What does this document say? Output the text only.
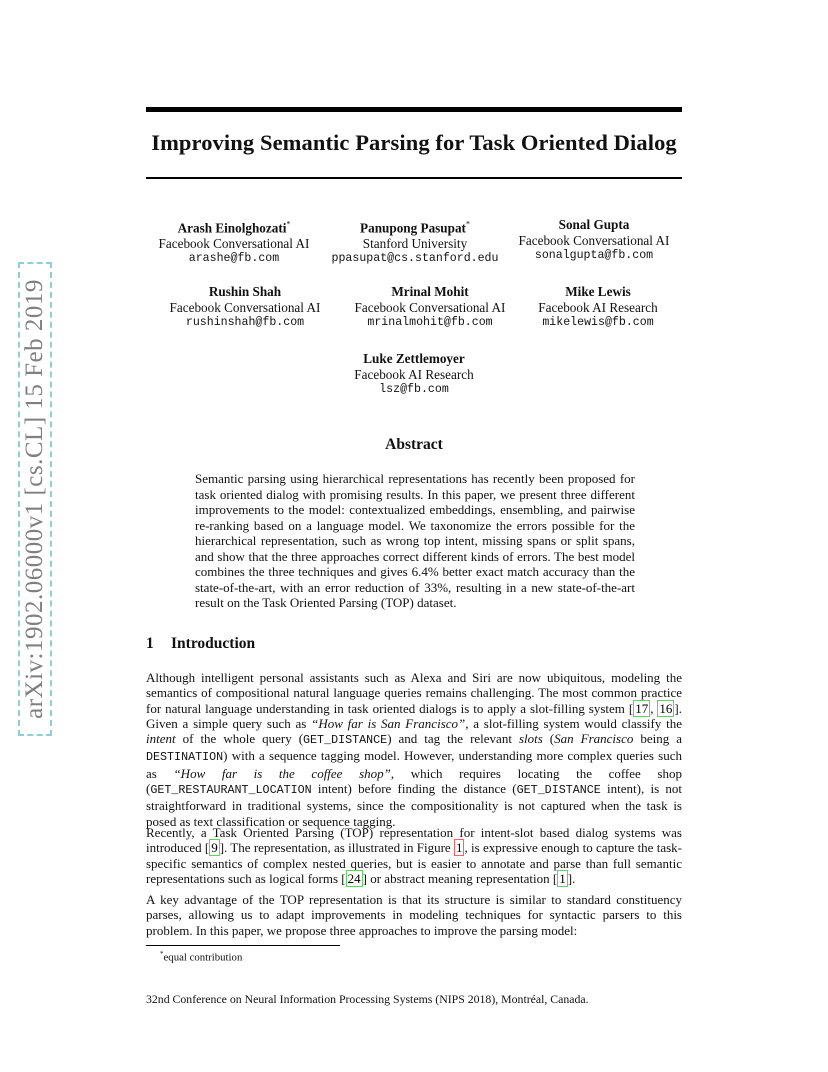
arXiv:1902.06000v1 [cs.CL] 15 Feb 2019
Improving Semantic Parsing for Task Oriented Dialog
Arash Einolghozati*
Facebook Conversational AI
arashe@fb.com
Panupong Pasupat*
Stanford University
ppasupat@cs.stanford.edu
Sonal Gupta
Facebook Conversational AI
sonalgupta@fb.com
Rushin Shah
Facebook Conversational AI
rushinshah@fb.com
Mrinal Mohit
Facebook Conversational AI
mrinalmohit@fb.com
Mike Lewis
Facebook AI Research
mikelewis@fb.com
Luke Zettlemoyer
Facebook AI Research
lsz@fb.com
Abstract
Semantic parsing using hierarchical representations has recently been proposed for task oriented dialog with promising results. In this paper, we present three different improvements to the model: contextualized embeddings, ensembling, and pairwise re-ranking based on a language model. We taxonomize the errors possible for the hierarchical representation, such as wrong top intent, missing spans or split spans, and show that the three approaches correct different kinds of errors. The best model combines the three techniques and gives 6.4% better exact match accuracy than the state-of-the-art, with an error reduction of 33%, resulting in a new state-of-the-art result on the Task Oriented Parsing (TOP) dataset.
1 Introduction

Although intelligent personal assistants such as Alexa and Siri are now ubiquitous, modeling the semantics of compositional natural language queries remains challenging. The most common practice for natural language understanding in task oriented dialogs is to apply a slot-filling system [ 17 , 16 ]. Given a simple query such as “How far is San Francisco”, a slot-filling system would classify the intent of the whole query (GET_DISTANCE) and tag the relevant slots (San Francisco being a DESTINATION) with a sequence tagging model. However, understanding more complex queries such as “How far is the coffee shop”, which requires locating the coffee shop (GET_RESTAURANT_LOCATION intent) before finding the distance (GET_DISTANCE intent), is not straightforward in traditional systems, since the compositionality is not captured when the task is posed as text classification or sequence tagging.

Recently, a Task Oriented Parsing (TOP) representation for intent-slot based dialog systems was introduced [ 9 ]. The representation, as illustrated in Figure 1 , is expressive enough to capture the task-specific semantics of complex nested queries, but is easier to annotate and parse than full semantic representations such as logical forms [ 24 ] or abstract meaning representation [ 1 ].

A key advantage of the TOP representation is that its structure is similar to standard constituency parses, allowing us to adapt improvements in modeling techniques for syntactic parsers to this problem. In this paper, we propose three approaches to improve the parsing model:

*equal contribution
32nd Conference on Neural Information Processing Systems (NIPS 2018), Montréal, Canada.
